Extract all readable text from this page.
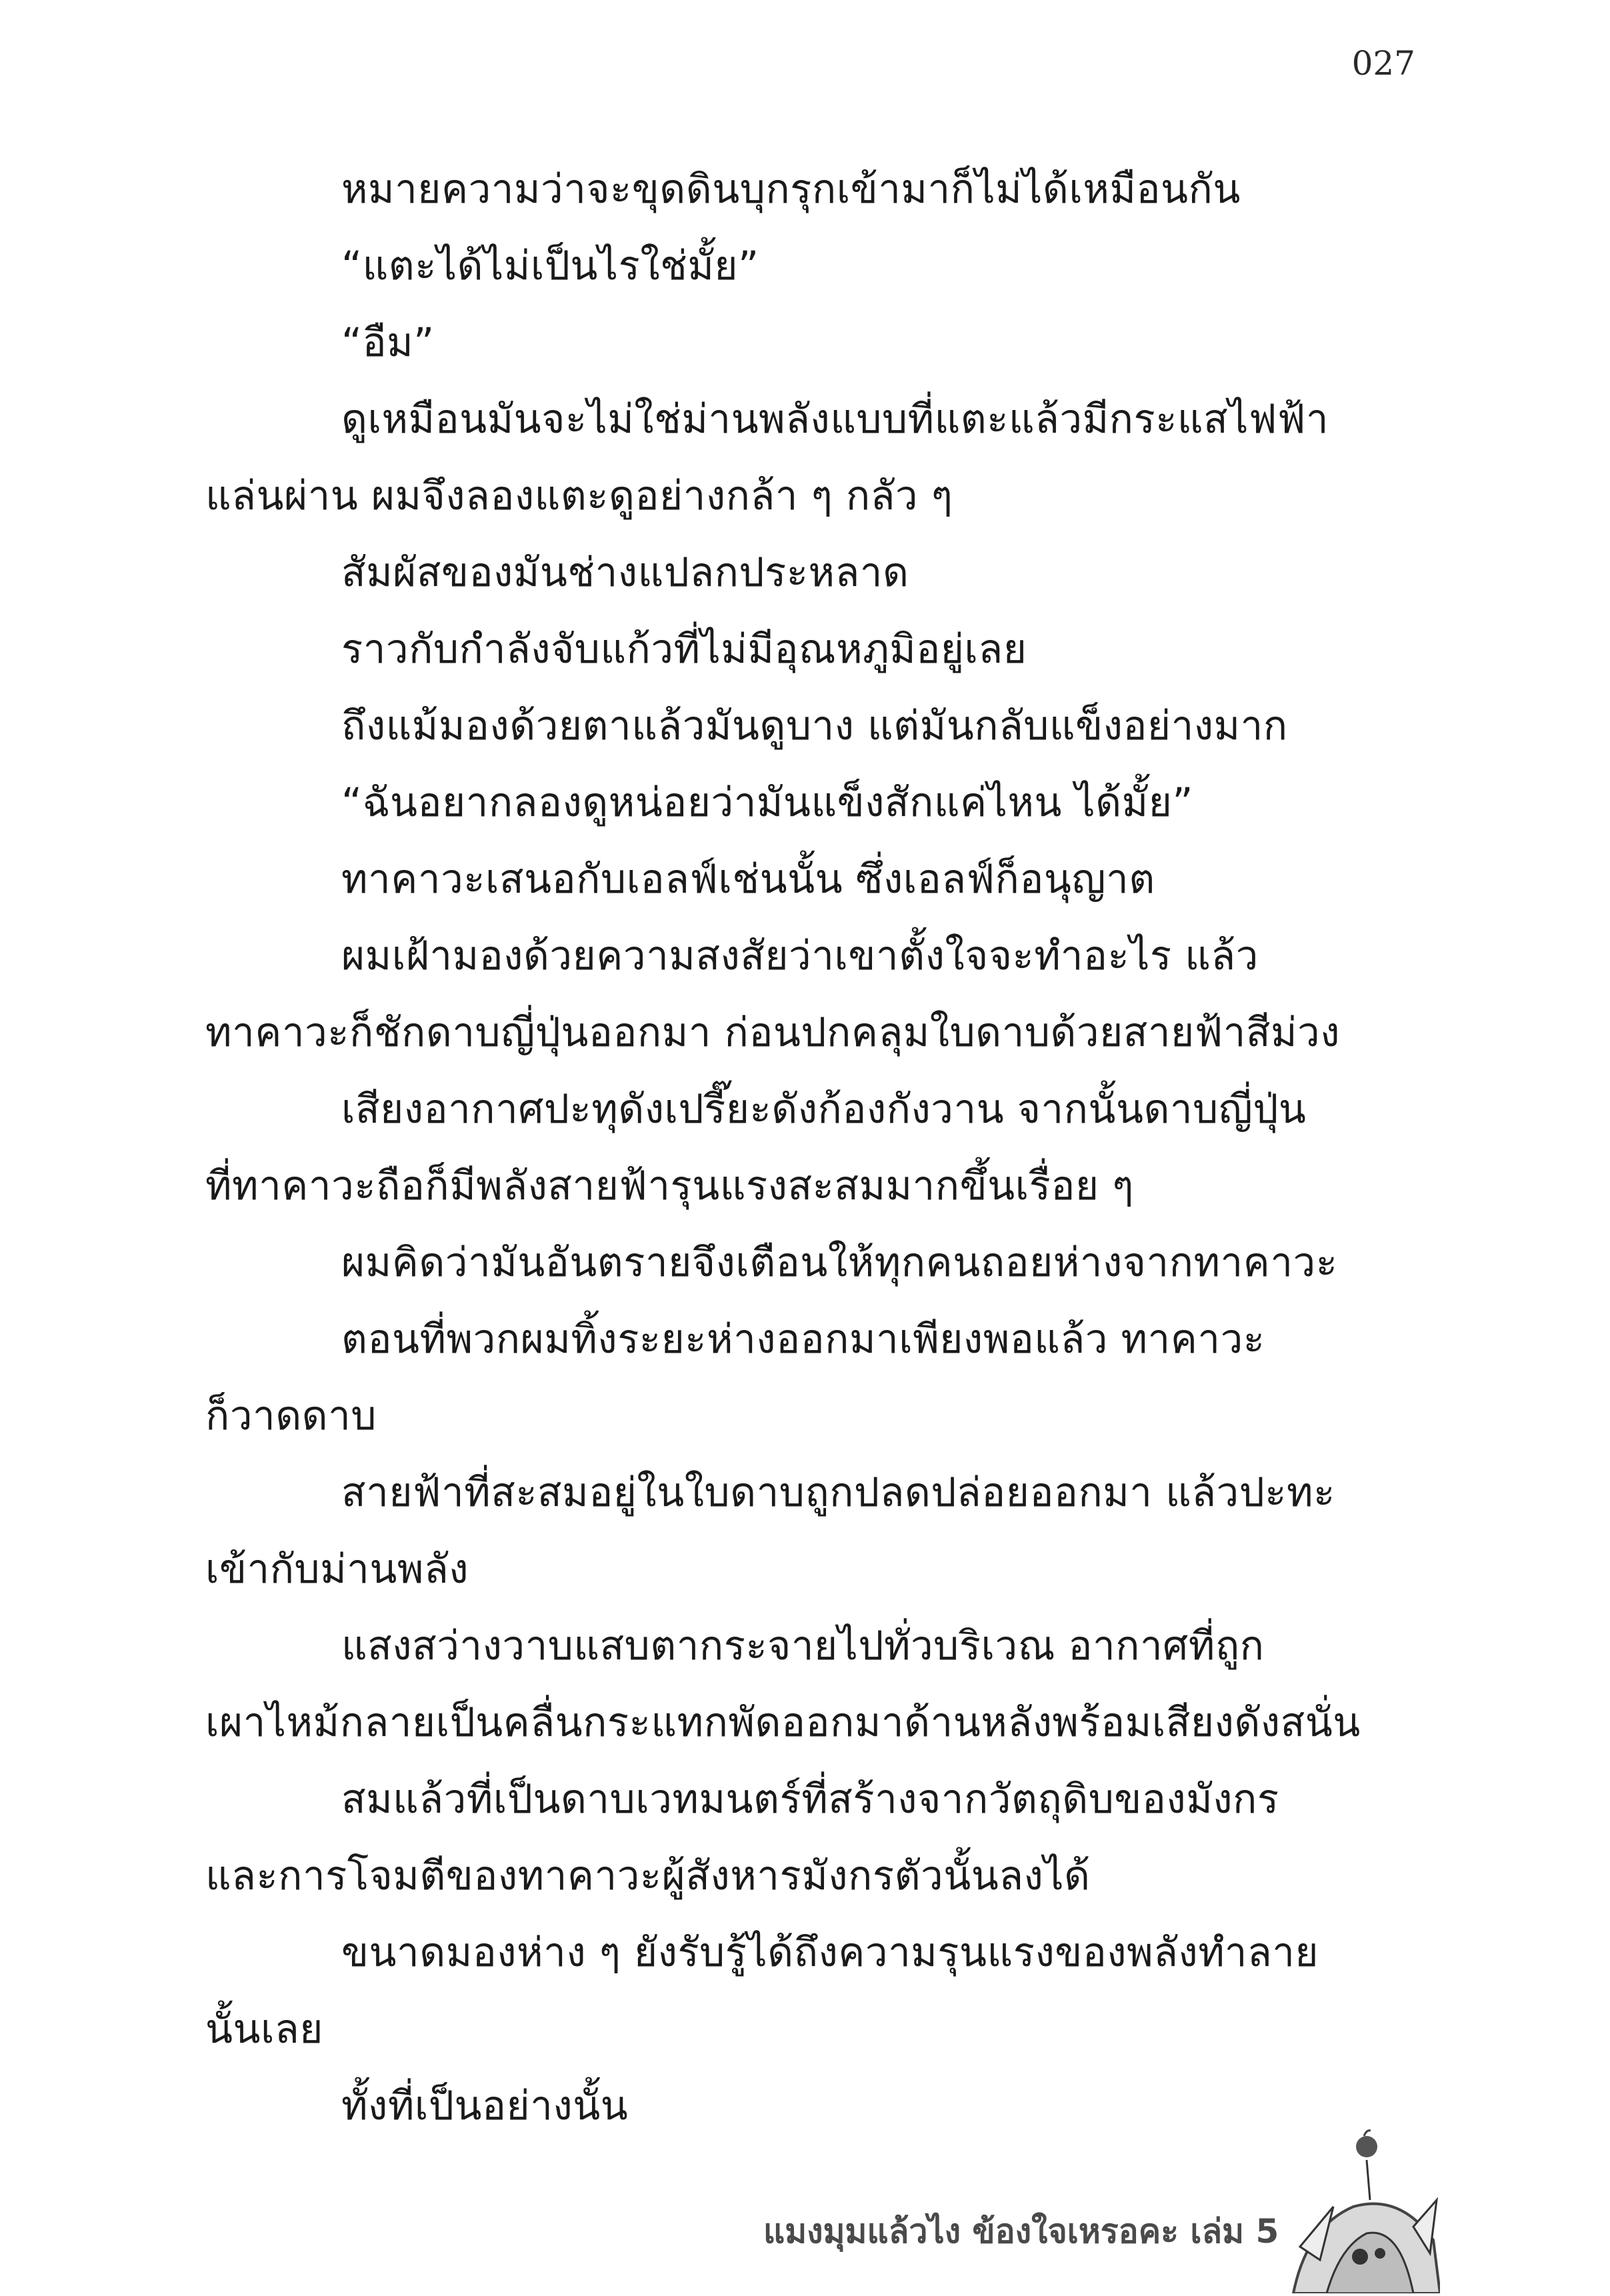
027
หมายความว่าจะขุดดินบุกรุกเข้ามาก็ไม่ได้เหมือนกัน
“แตะได้ไม่เป็นไรใช่มั้ย”
“อืม”
ดูเหมือนมันจะไม่ใช่ม่านพลังแบบที่แตะแล้วมีกระแสไฟฟ้า
แล่นผ่าน ผมจึงลองแตะดูอย่างกล้า ๆ กลัว ๆ
สัมผัสของมันช่างแปลกประหลาด
ราวกับกำลังจับแก้วที่ไม่มีอุณหภูมิอยู่เลย
ถึงแม้มองด้วยตาแล้วมันดูบาง แต่มันกลับแข็งอย่างมาก
“ฉันอยากลองดูหน่อยว่ามันแข็งสักแค่ไหน ได้มั้ย”
ทาคาวะเสนอกับเอลฟ์เช่นนั้น ซึ่งเอลฟ์ก็อนุญาต
ผมเฝ้ามองด้วยความสงสัยว่าเขาตั้งใจจะทำอะไร แล้ว
ทาคาวะก็ชักดาบญี่ปุ่นออกมา ก่อนปกคลุมใบดาบด้วยสายฟ้าสีม่วง
เสียงอากาศปะทุดังเปรี๊ยะดังก้องกังวาน จากนั้นดาบญี่ปุ่น
ที่ทาคาวะถือก็มีพลังสายฟ้ารุนแรงสะสมมากขึ้นเรื่อย ๆ
ผมคิดว่ามันอันตรายจึงเตือนให้ทุกคนถอยห่างจากทาคาวะ
ตอนที่พวกผมทิ้งระยะห่างออกมาเพียงพอแล้ว ทาคาวะ
ก็วาดดาบ
สายฟ้าที่สะสมอยู่ในใบดาบถูกปลดปล่อยออกมา แล้วปะทะ
เข้ากับม่านพลัง
แสงสว่างวาบแสบตากระจายไปทั่วบริเวณ อากาศที่ถูก
เผาไหม้กลายเป็นคลื่นกระแทกพัดออกมาด้านหลังพร้อมเสียงดังสนั่น
สมแล้วที่เป็นดาบเวทมนตร์ที่สร้างจากวัตถุดิบของมังกร
และการโจมตีของทาคาวะผู้สังหารมังกรตัวนั้นลงได้
ขนาดมองห่าง ๆ ยังรับรู้ได้ถึงความรุนแรงของพลังทำลาย
นั้นเลย
ทั้งที่เป็นอย่างนั้น
แมงมุมแล้วไง ข้องใจเหรอคะ เล่ม 5
